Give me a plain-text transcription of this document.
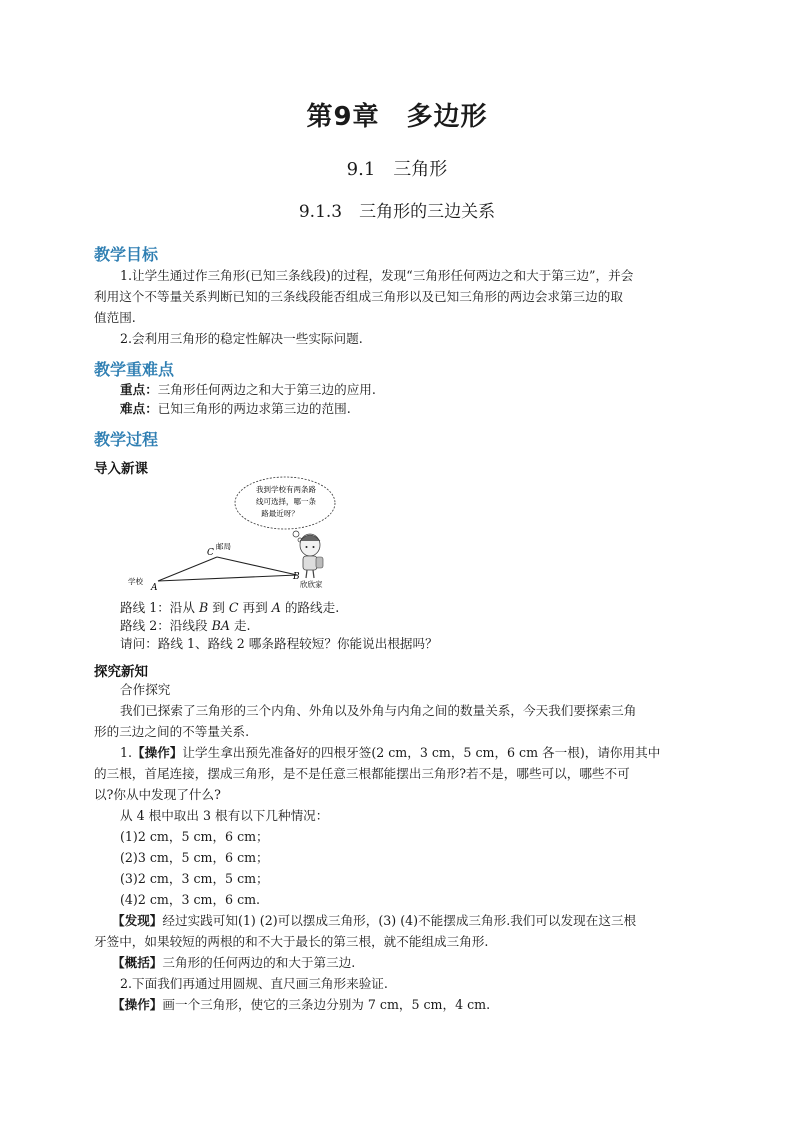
第9章　多边形
9.1　三角形
9.1.3　三角形的三边关系
教学目标
1.让学生通过作三角形(已知三条线段)的过程，发现“三角形任何两边之和大于第三边”，并会
利用这个不等量关系判断已知的三条线段能否组成三角形以及已知三角形的两边会求第三边的取
值范围.
2.会利用三角形的稳定性解决一些实际问题.
教学重难点
重点：三角形任何两边之和大于第三边的应用.
难点：已知三角形的两边求第三边的范围.
教学过程
导入新课
我到学校有两条路
线可选择，哪一条
路最近呀？
C
邮局
A
学校	B
欣欣家
路线 1：沿从 B 到 C 再到 A 的路线走.
路线 2：沿线段 BA 走.
请问：路线 1、路线 2 哪条路程较短？你能说出根据吗？
探究新知
合作探究
我们已探索了三角形的三个内角、外角以及外角与内角之间的数量关系，今天我们要探索三角
形的三边之间的不等量关系.
1.【操作】让学生拿出预先准备好的四根牙签(2 cm，3 cm，5 cm，6 cm 各一根)，请你用其中
的三根，首尾连接，摆成三角形，是不是任意三根都能摆出三角形?若不是，哪些可以，哪些不可
以?你从中发现了什么?
从 4 根中取出 3 根有以下几种情况：
(1)2 cm，5 cm，6 cm；
(2)3 cm，5 cm，6 cm；
(3)2 cm，3 cm，5 cm；
(4)2 cm，3 cm，6 cm.
【发现】经过实践可知(1) (2)可以摆成三角形，(3) (4)不能摆成三角形.我们可以发现在这三根
牙签中，如果较短的两根的和不大于最长的第三根，就不能组成三角形.
【概括】三角形的任何两边的和大于第三边.
2.下面我们再通过用圆规、直尺画三角形来验证.
【操作】画一个三角形，使它的三条边分别为 7 cm，5 cm，4 cm.
